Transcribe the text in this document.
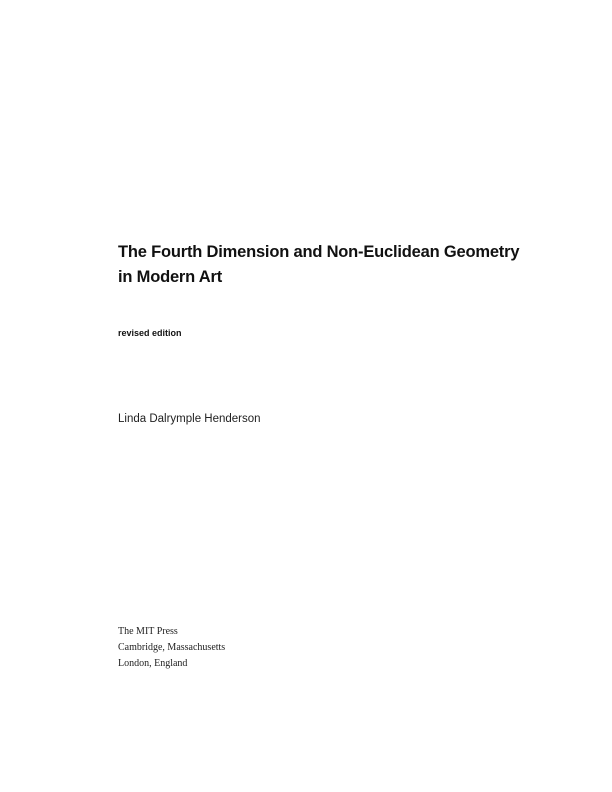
The Fourth Dimension and Non-Euclidean Geometry
in Modern Art
revised edition
Linda Dalrymple Henderson
The MIT Press
Cambridge, Massachusetts
London, England
